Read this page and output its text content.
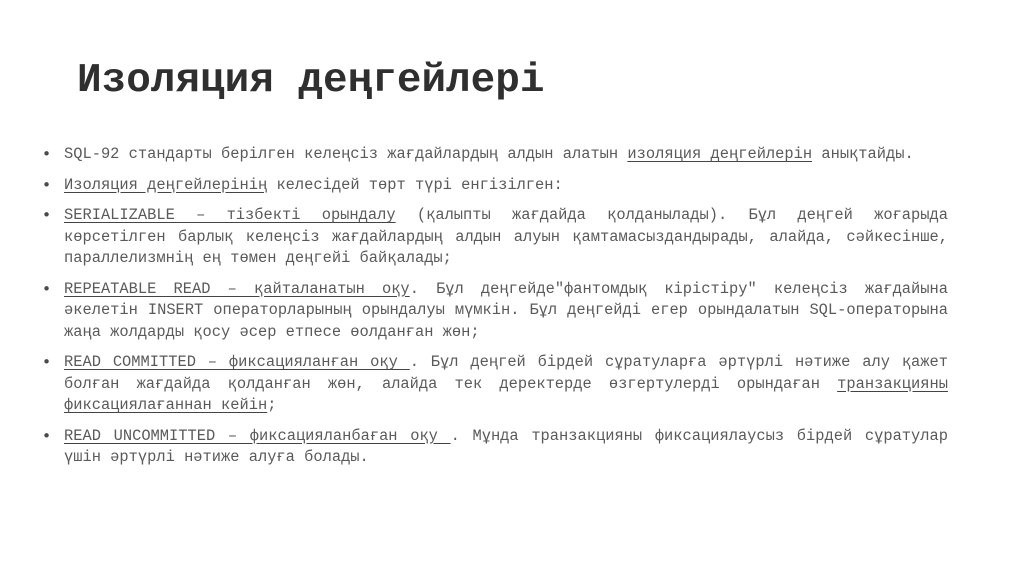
Изоляция деңгейлері
• SQL-92 стандарты берілген келеңсіз жағдайлардың алдын алатын изоляция деңгейлерін анықтайды.
• Изоляция деңгейлерінің келесідей төрт түрі енгізілген:
• SERIALIZABLE – тізбекті орындалу (қалыпты жағдайда қолданылады). Бұл деңгей жоғарыда көрсетілген барлық келеңсіз жағдайлардың алдын алуын қамтамасыздандырады, алайда, сәйкесінше, параллелизмнің ең төмен деңгейі байқалады;
• REPEATABLE READ – қайталанатын оқу. Бұл деңгейде"фантомдық кірістіру" келеңсіз жағдайына әкелетін INSERT операторларының орындалуы мүмкін. Бұл деңгейді егер орындалатын SQL-операторына жаңа жолдарды қосу әсер етпесе өолданған жөн;
• READ COMMITTED – фиксацияланған оқу . Бұл деңгей бірдей сұратуларға әртүрлі нәтиже алу қажет болған жағдайда қолданған жөн, алайда тек деректерде өзгертулерді орындаған транзакцияны фиксациялағаннан кейін;
• READ UNCOMMITTED – фиксацияланбаған оқу . Мұнда транзакцияны фиксациялаусыз бірдей сұратулар үшін әртүрлі нәтиже алуға болады.
